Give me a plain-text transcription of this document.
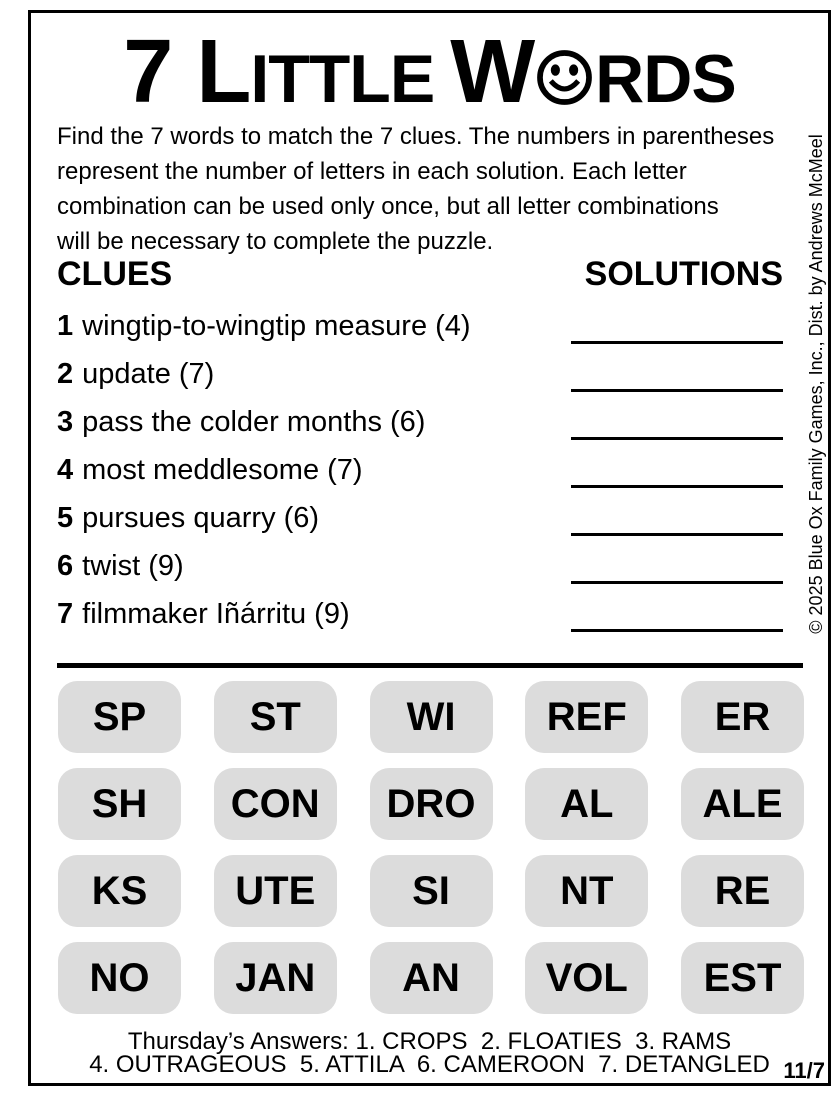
7 LITTLE W RDS
Find the 7 words to match the 7 clues. The numbers in parentheses
represent the number of letters in each solution. Each letter
combination can be used only once, but all letter combinations
will be necessary to complete the puzzle.
CLUES	SOLUTIONS
1 wingtip-to-wingtip measure (4)
2 update (7)
3 pass the colder months (6)
4 most meddlesome (7)
5 pursues quarry (6)
6 twist (9)
7 filmmaker Iñárritu (9)
SP	ST	WI	REF	ER
SH	CON	DRO	AL	ALE
KS	UTE	SI	NT	RE
NO	JAN	AN	VOL	EST
Thursday’s Answers: 1. CROPS  2. FLOATIES  3. RAMS
4. OUTRAGEOUS  5. ATTILA  6. CAMEROON  7. DETANGLED 11/7
© 2025 Blue Ox Family Games, Inc., Dist. by Andrews McMeel
